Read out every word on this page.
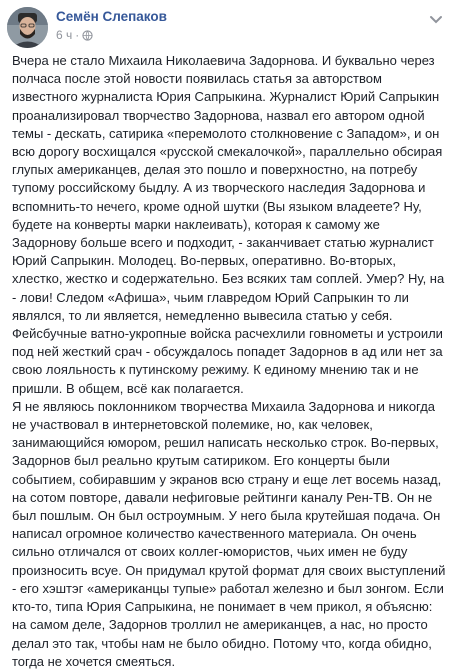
Семён Слепаков
6 ч ·

Вчера не стало Михаила Николаевича Задорнова. И буквально через полчаса после этой новости появилась статья за авторством известного журналиста Юрия Сапрыкина. Журналист Юрий Сапрыкин проанализировал творчество Задорнова, назвал его автором одной темы - дескать, сатирика «перемолото столкновение с Западом», и он всю дорогу восхищался «русской смекалочкой», параллельно обсирая глупых американцев, делая это пошло и поверхностно, на потребу тупому российскому быдлу. А из творческого наследия Задорнова и вспомнить-то нечего, кроме одной шутки (Вы языком владеете? Ну, будете на конверты марки наклеивать), которая к самому же Задорнову больше всего и подходит, - заканчивает статью журналист Юрий Сапрыкин. Молодец. Во-первых, оперативно. Во-вторых, хлестко, жестко и содержательно. Без всяких там соплей. Умер? Ну, на - лови! Следом «Афиша», чьим главредом Юрий Сапрыкин то ли являлся, то ли является, немедленно вывесила статью у себя. Фейсбучные ватно-укропные войска расчехлили говнометы и устроили под ней жесткий срач - обсуждалось попадет Задорнов в ад или нет за свою лояльность к путинскому режиму. К единому мнению так и не пришли. В общем, всё как полагается.

Я не являюсь поклонником творчества Михаила Задорнова и никогда не участвовал в интернетовской полемике, но, как человек, занимающийся юмором, решил написать несколько строк. Во-первых, Задорнов был реально крутым сатириком. Его концерты были событием, собиравшим у экранов всю страну и еще лет восемь назад, на сотом повторе, давали нефиговые рейтинги каналу Рен-ТВ. Он не был пошлым. Он был остроумным. У него была крутейшая подача. Он написал огромное количество качественного материала. Он очень сильно отличался от своих коллег-юмористов, чьих имен не буду произносить всуе. Он придумал крутой формат для своих выступлений - его хэштэг «американцы тупые» работал железно и был зонгом. Если кто-то, типа Юрия Сапрыкина, не понимает в чем прикол, я объясню: на самом деле, Задорнов троллил не американцев, а нас, но просто делал это так, чтобы нам не было обидно. Потому что, когда обидно, тогда не хочется смеяться.
